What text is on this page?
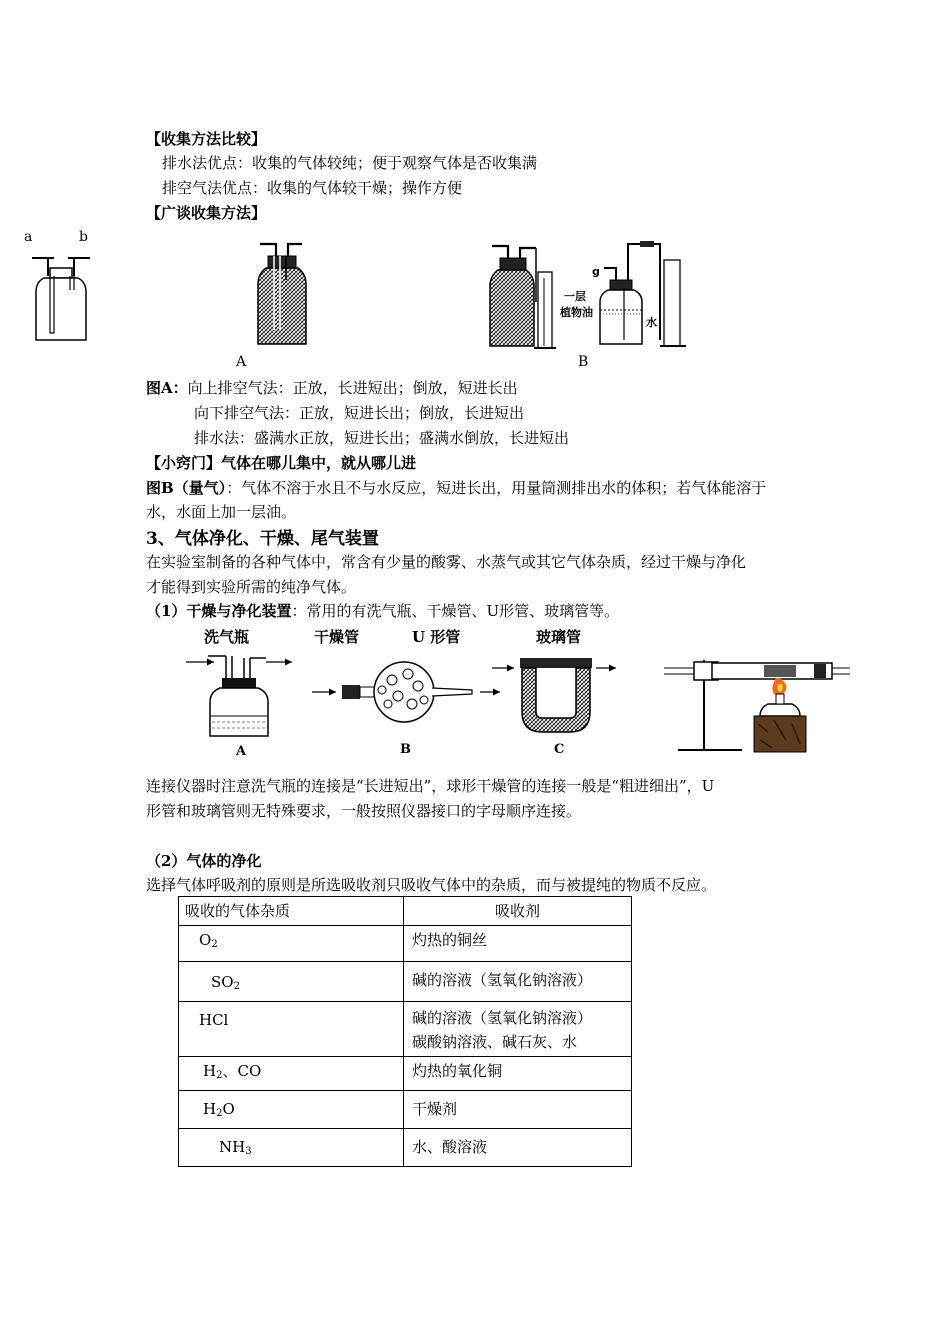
【收集方法比较】
排水法优点：收集的气体较纯；便于观察气体是否收集满
排空气法优点：收集的气体较干燥；操作方便
【广谈收集方法】
a	b
A
g
一层
植物油
水
B
图A：向上排空气法：正放，长进短出；倒放，短进长出
向下排空气法：正放，短进长出；倒放，长进短出
排水法：盛满水正放，短进长出；盛满水倒放，长进短出
【小窍门】气体在哪儿集中，就从哪儿进
图B（量气）：气体不溶于水且不与水反应，短进长出，用量筒测排出水的体积；若气体能溶于
水，水面上加一层油。
3、气体净化、干燥、尾气装置
在实验室制备的各种气体中，常含有少量的酸雾、水蒸气或其它气体杂质，经过干燥与净化
才能得到实验所需的纯净气体。
（1）干燥与净化装置：常用的有洗气瓶、干燥管、U形管、玻璃管等。
洗气瓶	干燥管	U 形管	玻璃管
A	B	C
连接仪器时注意洗气瓶的连接是“长进短出”，球形干燥管的连接一般是“粗进细出”，U
形管和玻璃管则无特殊要求，一般按照仪器接口的字母顺序连接。
（2）气体的净化
选择气体呼吸剂的原则是所选吸收剂只吸收气体中的杂质，而与被提纯的物质不反应。
吸收的气体杂质	吸收剂
$O_2$	灼热的铜丝
$SO_2$	碱的溶液（氢氧化钠溶液）
HCl	碱的溶液（氢氧化钠溶液）
碳酸钠溶液、碱石灰、水

$H_2$、CO	灼热的氧化铜
$H_2O$	干燥剂
$NH_3$	水、酸溶液
